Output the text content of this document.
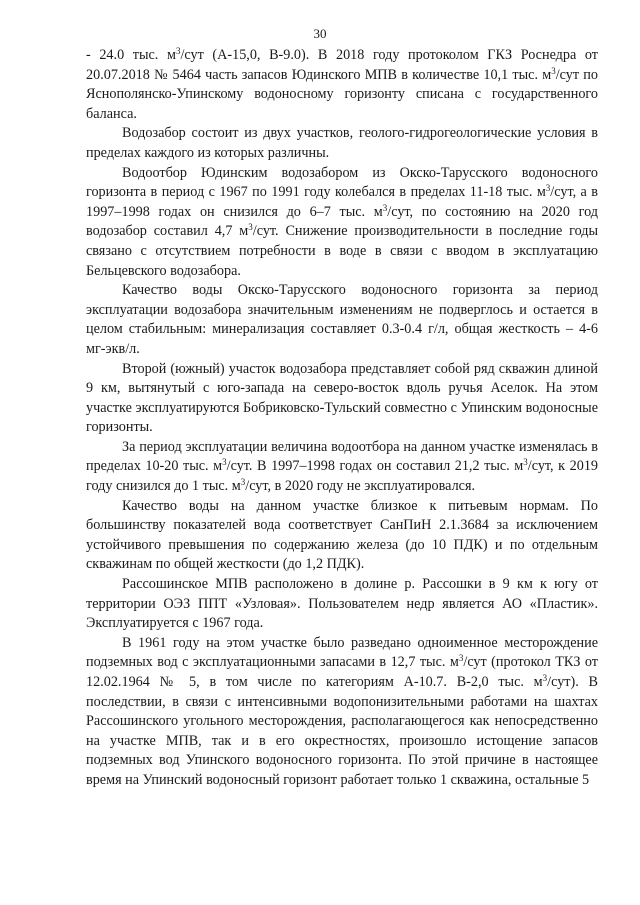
30

- 24.0 тыс. $м^3$/сут (А-15,0, В-9.0). В 2018 году протоколом ГКЗ Роснедра от 20.07.2018 № 5464 часть запасов Юдинского МПВ в количестве 10,1 тыс. $м^3$/сут по Яснополянско-Упинскому водоносному горизонту списана с государственного баланса.

Водозабор состоит из двух участков, геолого-гидрогеологические условия в пределах каждого из которых различны.

Водоотбор Юдинским водозабором из Окско-Тарусского водоносного горизонта в период с 1967 по 1991 году колебался в пределах 11-18 тыс. $м^3$/сут, а в 1997–1998 годах он снизился до 6–7 тыс. $м^3$/сут, по состоянию на 2020 год водозабор составил 4,7 $м^3$/сут. Снижение производительности в последние годы связано с отсутствием потребности в воде в связи с вводом в эксплуатацию Бельцевского водозабора.

Качество воды Окско-Тарусского водоносного горизонта за период эксплуатации водозабора значительным изменениям не подверглось и остается в целом стабильным: минерализация составляет 0.3-0.4 г/л, общая жесткость – 4-6 мг-экв/л.

Второй (южный) участок водозабора представляет собой ряд скважин длиной 9 км, вытянутый с юго-запада на северо-восток вдоль ручья Аселок. На этом участке эксплуатируются Бобриковско-Тульский совместно с Упинским водоносные горизонты.

За период эксплуатации величина водоотбора на данном участке изменялась в пределах 10-20 тыс. $м^3$/сут. В 1997–1998 годах он составил 21,2 тыс. $м^3$/сут, к 2019 году снизился до 1 тыс. $м^3$/сут, в 2020 году не эксплуатировался.

Качество воды на данном участке близкое к питьевым нормам. По большинству показателей вода соответствует СанПиН 2.1.3684 за исключением устойчивого превышения по содержанию железа (до 10 ПДК) и по отдельным скважинам по общей жесткости (до 1,2 ПДК).

Рассошинское МПВ расположено в долине р. Рассошки в 9 км к югу от территории ОЭЗ ППТ «Узловая». Пользователем недр является АО «Пластик». Эксплуатируется с 1967 года.

В 1961 году на этом участке было разведано одноименное месторождение подземных вод с эксплуатационными запасами в 12,7 тыс. $м^3$/сут (протокол ТКЗ от 12.02.1964 № 5, в том числе по категориям А-10.7. В-2,0 тыс. $м^3/сут$). В последствии, в связи с интенсивными водопонизительными работами на шахтах Рассошинского угольного месторождения, располагающегося как непосредственно на участке МПВ, так и в его окрестностях, произошло истощение запасов подземных вод Упинского водоносного горизонта. По этой причине в настоящее время на Упинский водоносный горизонт работает только 1 скважина, остальные 5
